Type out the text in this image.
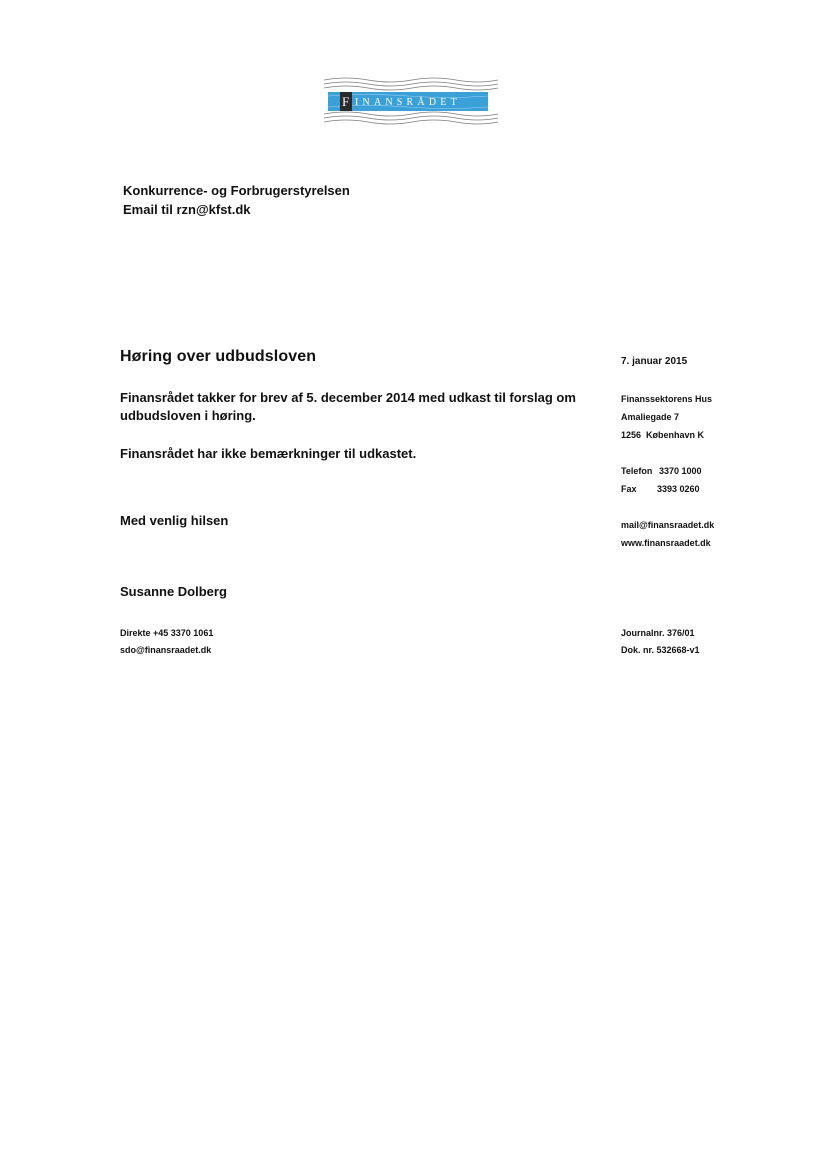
F INANSRÅDET
Konkurrence- og Forbrugerstyrelsen
Email til rzn@kfst.dk
Høring over udbudsloven	7. januar 2015

Finansrådet takker for brev af 5. december 2014 med udkast til forslag om udbudsloven i høring.

Finansrådet har ikke bemærkninger til udkastet.

Med venlig hilsen
Susanne Dolberg
Direkte +45 3370 1061
sdo@finansraadet.dk
Finanssektorens Hus
Amaliegade 7
1256  København K
Telefon 3370 1000
Fax	3393 0260
mail@finansraadet.dk
www.finansraadet.dk
Journalnr. 376/01
Dok. nr. 532668-v1
